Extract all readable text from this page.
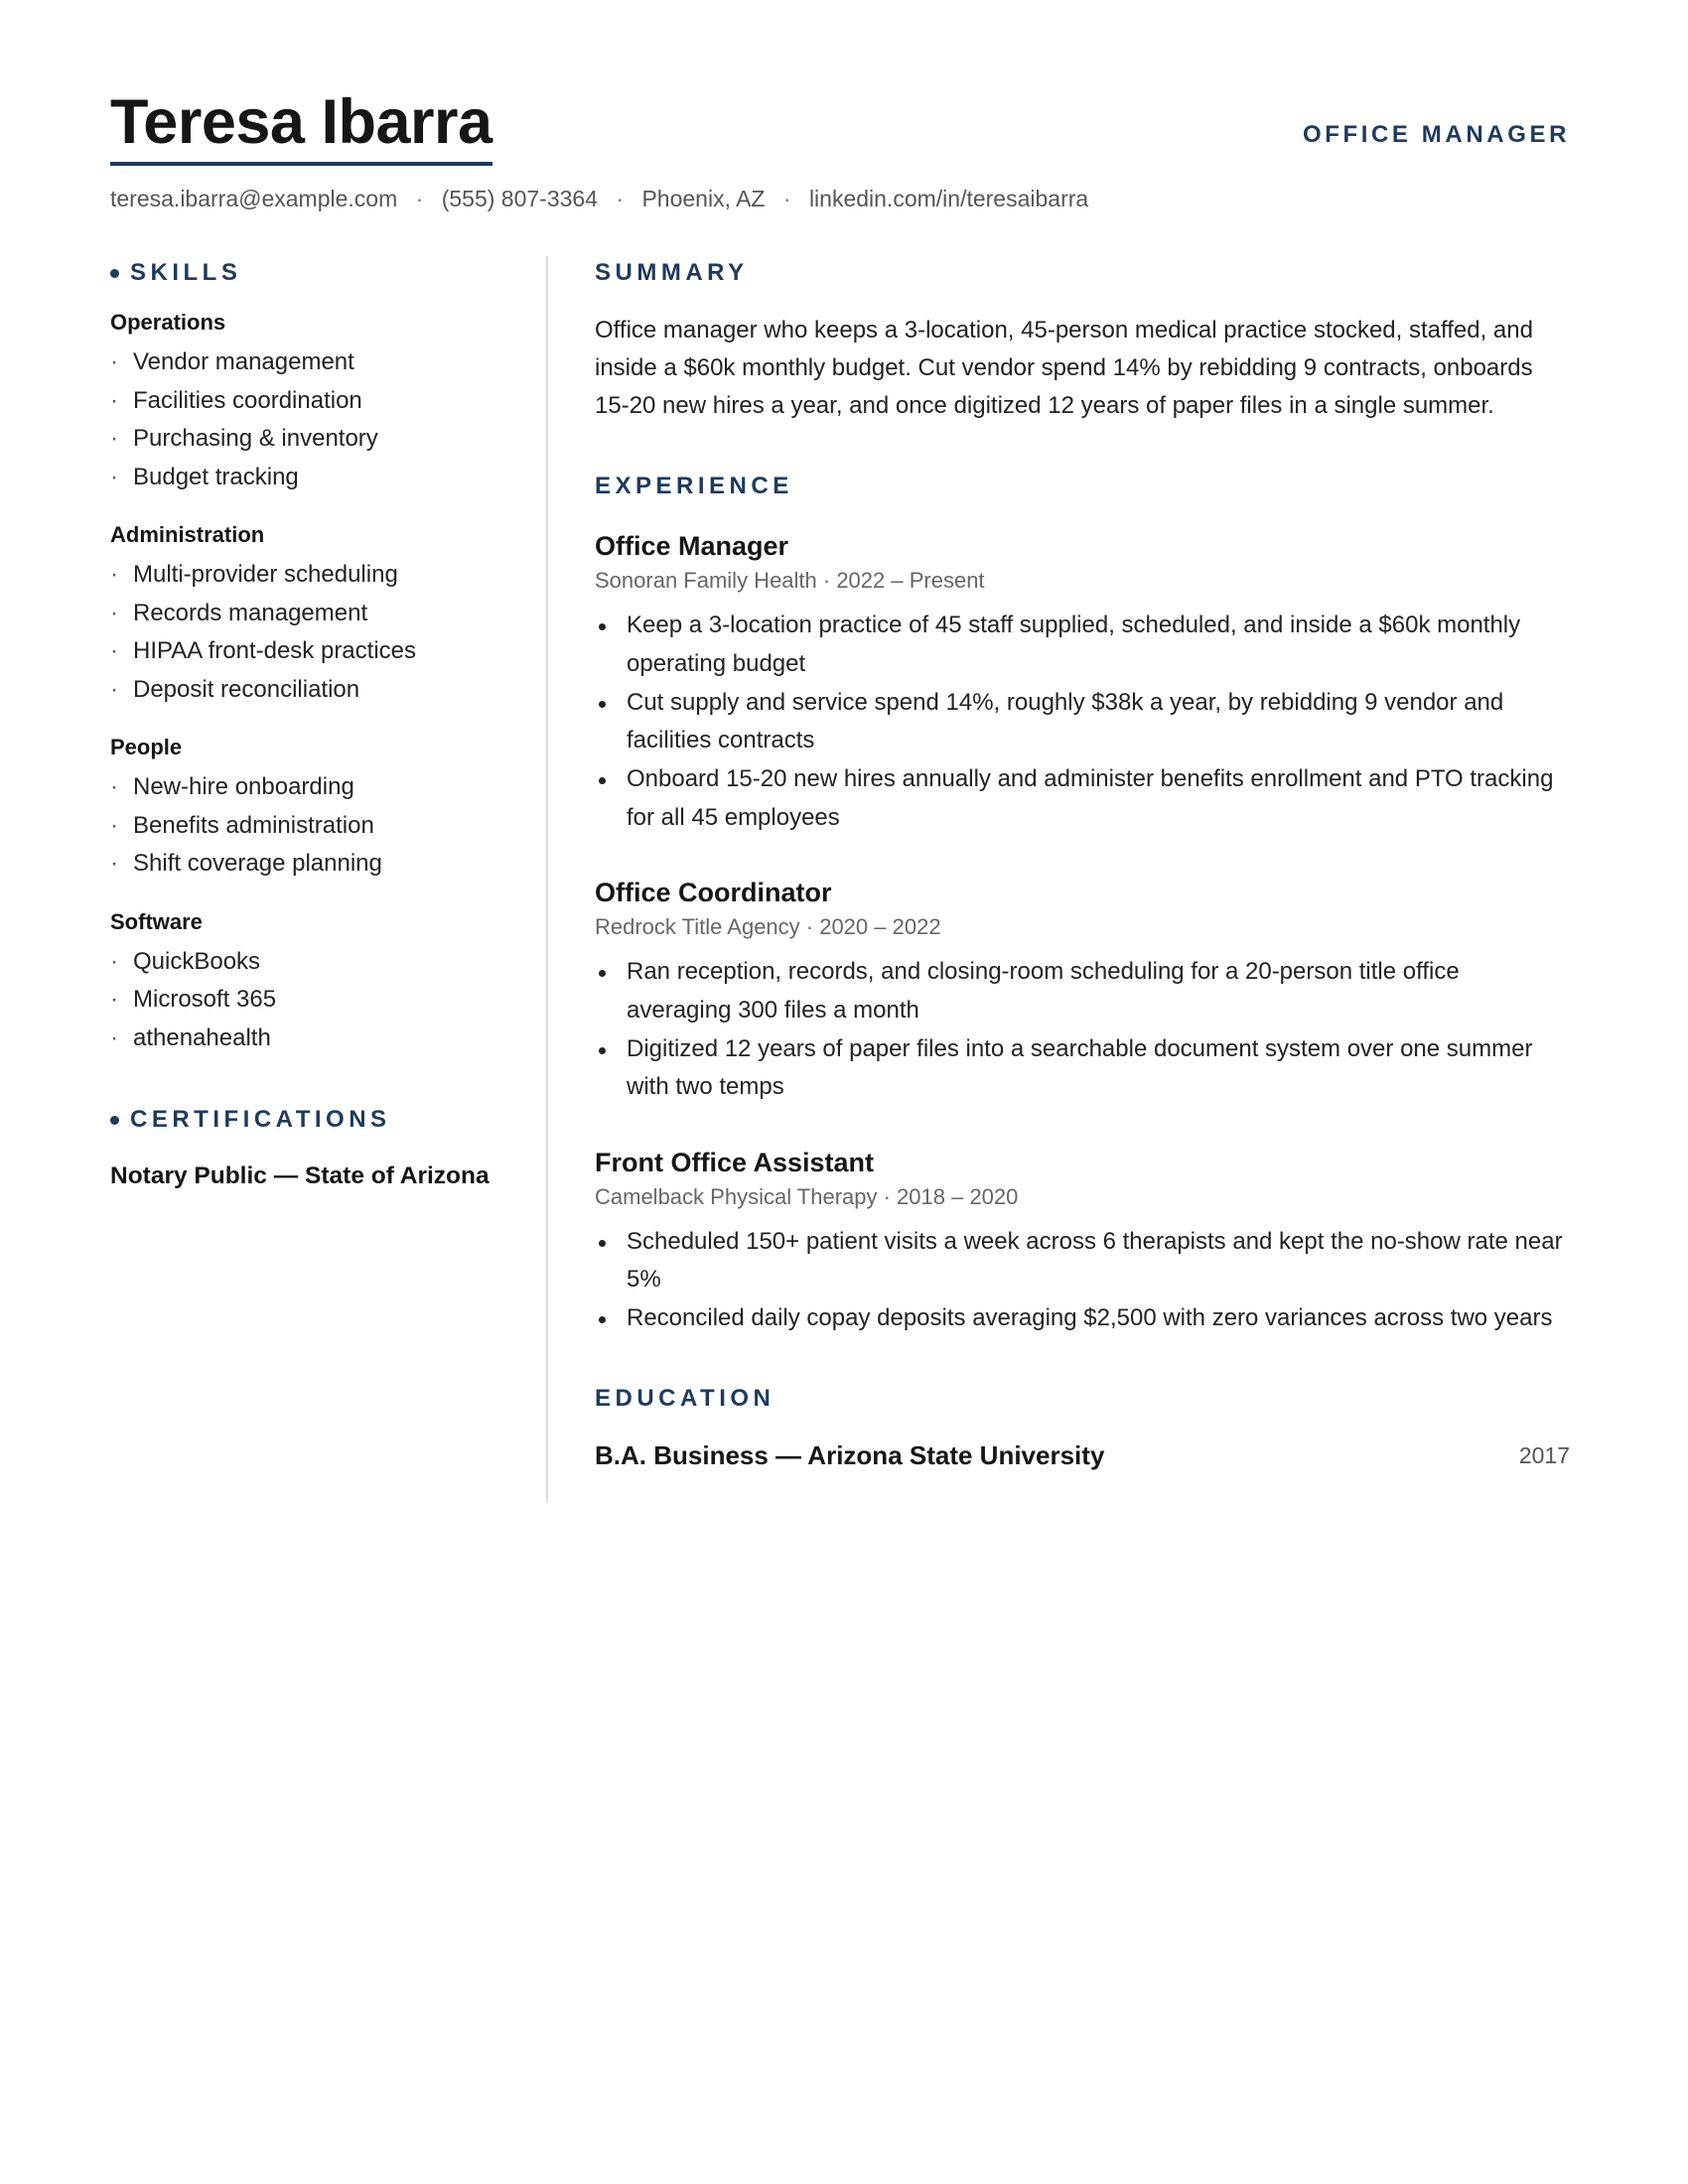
Teresa Ibarra	OFFICE MANAGER
teresa.ibarra@example.com · (555) 807-3364 · Phoenix, AZ · linkedin.com/in/teresaibarra
SKILLS
Operations
· Vendor management
· Facilities coordination
· Purchasing & inventory
· Budget tracking
Administration
· Multi-provider scheduling
· Records management
· HIPAA front-desk practices
· Deposit reconciliation
People
· New-hire onboarding
· Benefits administration
· Shift coverage planning
Software
· QuickBooks
· Microsoft 365
· athenahealth
CERTIFICATIONS
Notary Public — State of Arizona
SUMMARY

Office manager who keeps a 3-location, 45-person medical practice stocked, staffed, and inside a $60k monthly budget. Cut vendor spend 14% by rebidding 9 contracts, onboards 15-20 new hires a year, and once digitized 12 years of paper files in a single summer.

EXPERIENCE
Office Manager
Sonoran Family Health · 2022 – Present
Keep a 3-location practice of 45 staff supplied, scheduled, and inside a $60k monthly operating budget
Cut supply and service spend 14%, roughly $38k a year, by rebidding 9 vendor and facilities contracts
Onboard 15-20 new hires annually and administer benefits enrollment and PTO tracking for all 45 employees
Office Coordinator
Redrock Title Agency · 2020 – 2022
Ran reception, records, and closing-room scheduling for a 20-person title office averaging 300 files a month
Digitized 12 years of paper files into a searchable document system over one summer with two temps
Front Office Assistant
Camelback Physical Therapy · 2018 – 2020
Scheduled 150+ patient visits a week across 6 therapists and kept the no-show rate near 5%
Reconciled daily copay deposits averaging $2,500 with zero variances across two years
EDUCATION
B.A. Business — Arizona State University	2017
